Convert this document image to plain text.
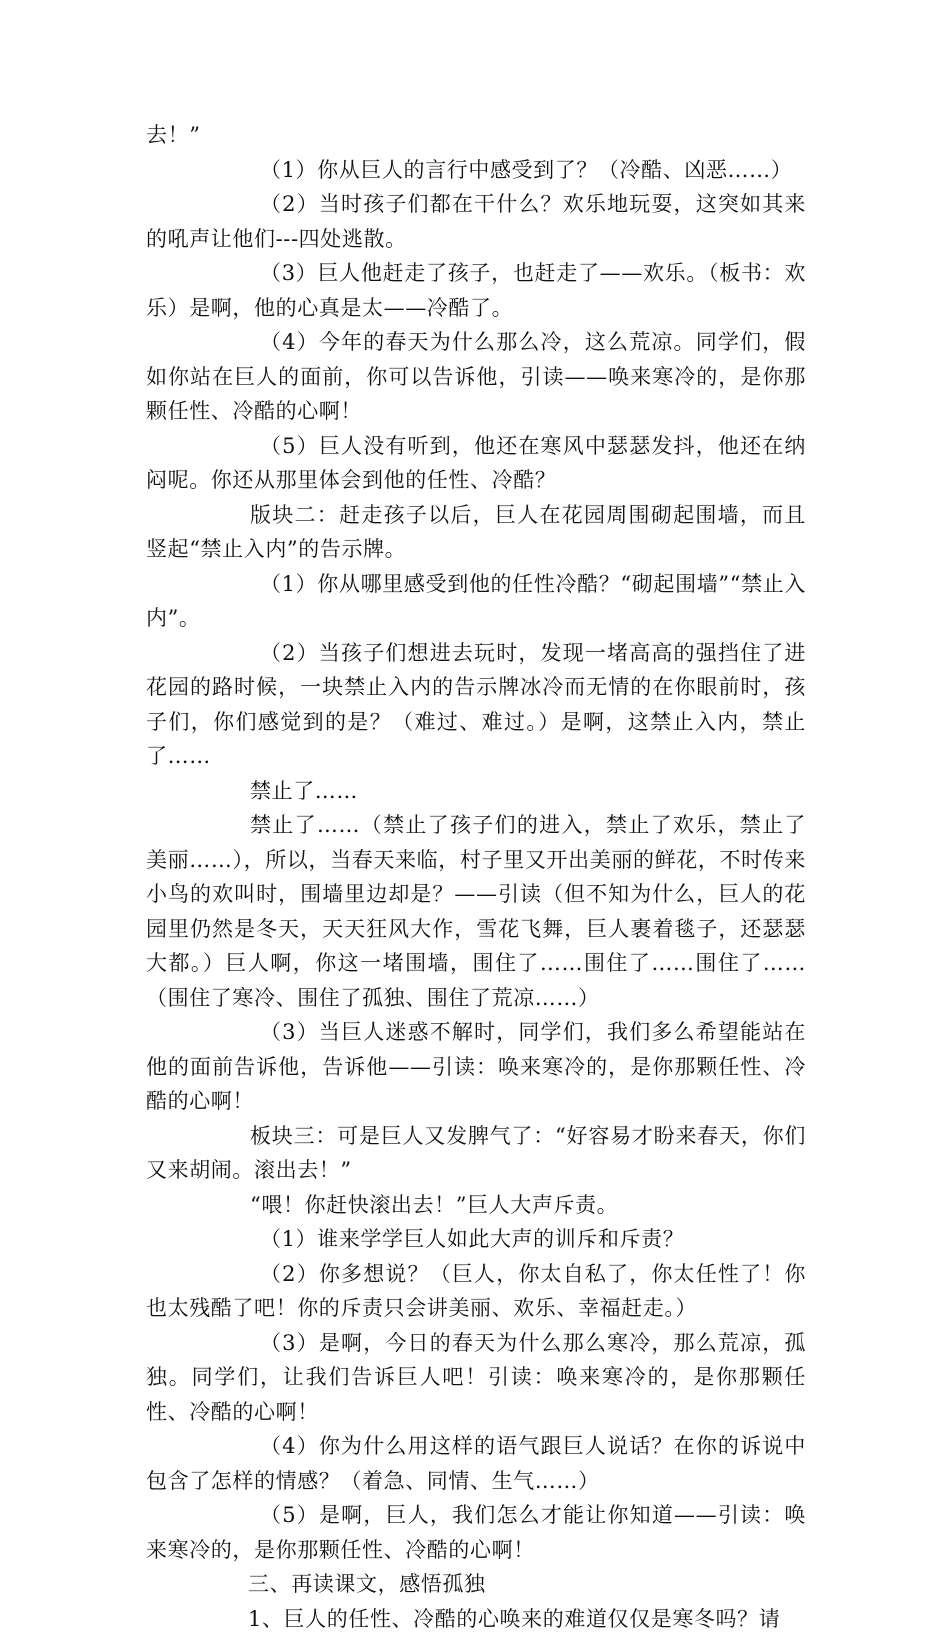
去！”

（1）你从巨人的言行中感受到了？（冷酷、凶恶……）

（2）当时孩子们都在干什么？欢乐地玩耍，这突如其来的吼声让他们---四处逃散。

（3）巨人他赶走了孩子，也赶走了——欢乐。（板书：欢乐）是啊，他的心真是太——冷酷了。

（4）今年的春天为什么那么冷，这么荒凉。同学们，假如你站在巨人的面前，你可以告诉他，引读——唤来寒冷的，是你那颗任性、冷酷的心啊！

（5）巨人没有听到，他还在寒风中瑟瑟发抖，他还在纳闷呢。你还从那里体会到他的任性、冷酷？

版块二：赶走孩子以后，巨人在花园周围砌起围墙，而且竖起“禁止入内”的告示牌。

（1）你从哪里感受到他的任性冷酷？“砌起围墙”“禁止入内”。

（2）当孩子们想进去玩时，发现一堵高高的强挡住了进花园的路时候，一块禁止入内的告示牌冰冷而无情的在你眼前时，孩子们，你们感觉到的是？（难过、难过。）是啊，这禁止入内，禁止了……

禁止了……

禁止了……（禁止了孩子们的进入，禁止了欢乐，禁止了美丽……），所以，当春天来临，村子里又开出美丽的鲜花，不时传来小鸟的欢叫时，围墙里边却是？——引读（但不知为什么，巨人的花园里仍然是冬天，天天狂风大作，雪花飞舞，巨人裹着毯子，还瑟瑟大都。）巨人啊，你这一堵围墙，围住了……围住了……围住了……（围住了寒冷、围住了孤独、围住了荒凉……）

（3）当巨人迷惑不解时，同学们，我们多么希望能站在他的面前告诉他，告诉他——引读：唤来寒冷的，是你那颗任性、冷酷的心啊！

板块三：可是巨人又发脾气了：“好容易才盼来春天，你们又来胡闹。滚出去！”

“喂！你赶快滚出去！”巨人大声斥责。

（1）谁来学学巨人如此大声的训斥和斥责？

（2）你多想说？（巨人，你太自私了，你太任性了！你也太残酷了吧！你的斥责只会讲美丽、欢乐、幸福赶走。）

（3）是啊，今日的春天为什么那么寒冷，那么荒凉，孤独。同学们，让我们告诉巨人吧！引读：唤来寒冷的，是你那颗任性、冷酷的心啊！

（4）你为什么用这样的语气跟巨人说话？在你的诉说中包含了怎样的情感？（着急、同情、生气……）

（5）是啊，巨人，我们怎么才能让你知道——引读：唤来寒冷的，是你那颗任性、冷酷的心啊！

三、再读课文，感悟孤独

1、巨人的任性、冷酷的心唤来的难道仅仅是寒冬吗？请
